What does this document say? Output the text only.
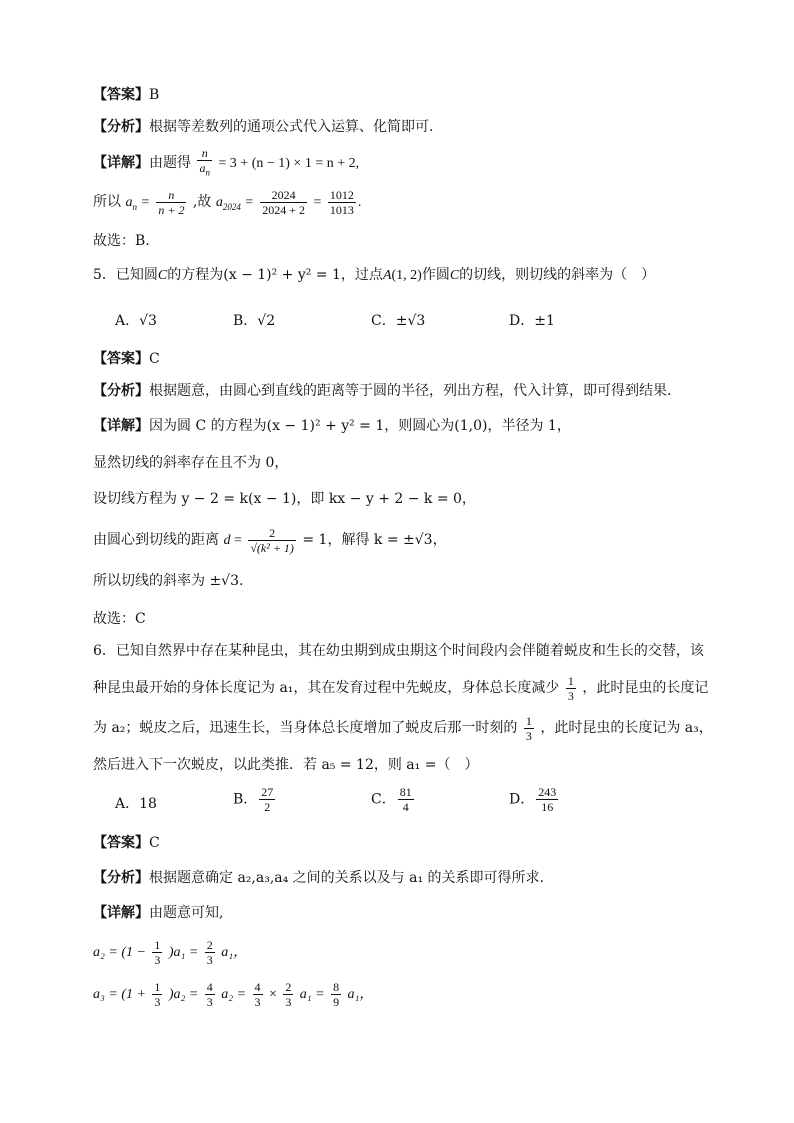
【答案】B
【分析】根据等差数列的通项公式代入运算、化简即可.
【详解】由题得 $\frac{n}{a_n} = 3 + (n - 1) \times 1 = n + 2$,
所以 $a_n = \frac{n}{n + 2}$ ,故 $a_{2024} = \frac{2024}{2024 + 2} = \frac{1012}{1013}$ .
故选：B.
5．已知圆C的方程为(x − 1)² + y² = 1，过点A(1, 2)作圆C的切线，则切线的斜率为（　）
A．√3	B．√2	C．±√3	D．±1
【答案】C
【分析】根据题意，由圆心到直线的距离等于圆的半径，列出方程，代入计算，即可得到结果.
【详解】因为圆 C 的方程为(x − 1)² + y² = 1，则圆心为(1,0)，半径为 1，
显然切线的斜率存在且不为 0，
设切线方程为 y − 2 = k(x − 1)，即 kx − y + 2 − k = 0，
由圆心到切线的距离 $d = \frac{2}{\text{√(k² + 1)}} = 1$，解得 k = ±√3，
所以切线的斜率为 ±√3.
故选：C
6．已知自然界中存在某种昆虫，其在幼虫期到成虫期这个时间段内会伴随着蜕皮和生长的交替，该
种昆虫最开始的身体长度记为 a₁，其在发育过程中先蜕皮，身体总长度减少 $\frac{1}{3}$ ，此时昆虫的长度记
为 a₂；蜕皮之后，迅速生长，当身体总长度增加了蜕皮后那一时刻的 $\frac{1}{3}$ ，此时昆虫的长度记为 a₃，
然后进入下一次蜕皮，以此类推．若 a₅ = 12，则 a₁ =（　）
A．18	B． $\frac{27}{2}$	C． $\frac{81}{4}$	D． $\frac{243}{16}$
【答案】C
【分析】根据题意确定 a₂,a₃,a₄ 之间的关系以及与 a₁ 的关系即可得所求.
【详解】由题意可知,
$a_2 = (1 - \frac{1}{3} )a_1 = \frac{2}{3} a_1$，
$a_3 = (1 + \frac{1}{3} )a_2 = \frac{4}{3} a_2 = \frac{4}{3} \times \frac{2}{3} a_1 = \frac{8}{9} a_1$，
